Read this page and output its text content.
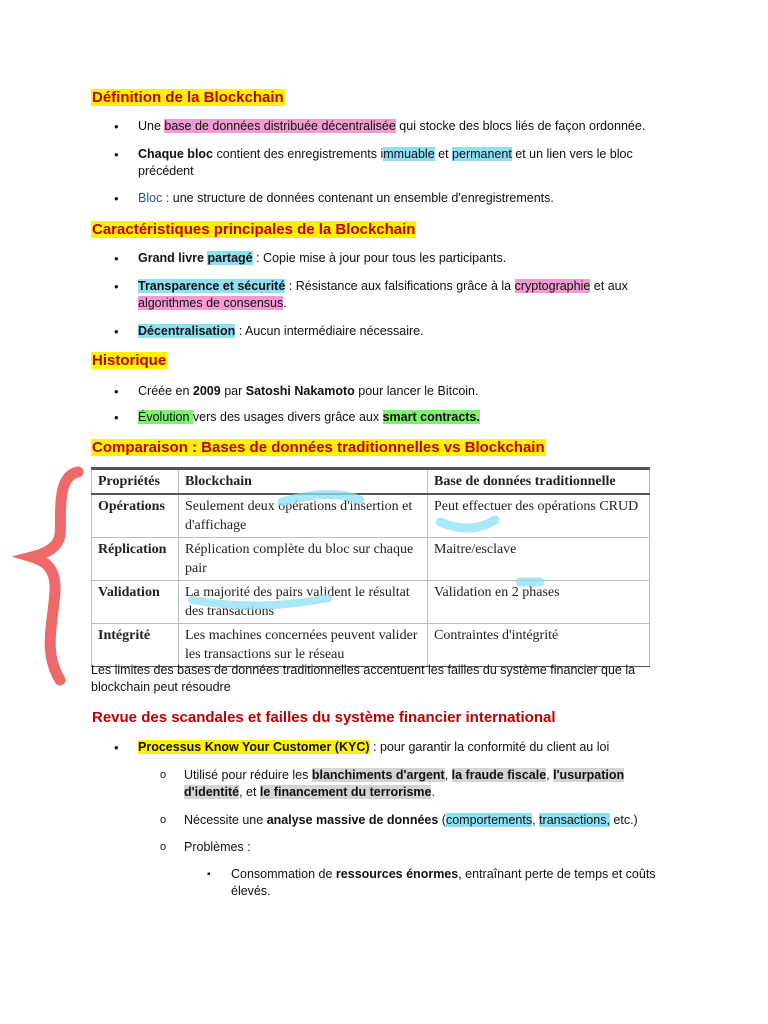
Définition de la Blockchain
• Une base de données distribuée décentralisée qui stocke des blocs liés de façon ordonnée.
• Chaque bloc contient des enregistrements immuable et permanent et un lien vers le bloc
précédent
• Bloc : une structure de données contenant un ensemble d'enregistrements.
Caractéristiques principales de la Blockchain
• Grand livre partagé : Copie mise à jour pour tous les participants.
• Transparence et sécurité : Résistance aux falsifications grâce à la cryptographie et aux
algorithmes de consensus.
• Décentralisation : Aucun intermédiaire nécessaire.
Historique
• Créée en 2009 par Satoshi Nakamoto pour lancer le Bitcoin.
• Évolution vers des usages divers grâce aux smart contracts.
Comparaison : Bases de données traditionnelles vs Blockchain
Propriétés	Blockchain	Base de données traditionnelle
Opérations	Seulement deux opérations d'insertion et d'affichage	Peut effectuer des opérations CRUD
Réplication	Réplication complète du bloc sur chaque pair	Maitre/esclave
Validation	La majorité des pairs valident le résultat des transactions	Validation en 2 phases
Intégrité	Les machines concernées peuvent valider les transactions sur le réseau	Contraintes d'intégrité
Les limites des bases de données traditionnelles accentuent les failles du système financier que la
blockchain peut résoudre
Revue des scandales et failles du système financier international
• Processus Know Your Customer (KYC) : pour garantir la conformité du client au loi
o Utilisé pour réduire les blanchiments d'argent, la fraude fiscale, l'usurpation
d'identité, et le financement du terrorisme.
o Nécessite une analyse massive de données (comportements, transactions, etc.)
o Problèmes :
▪ Consommation de ressources énormes, entraînant perte de temps et coûts
élevés.
